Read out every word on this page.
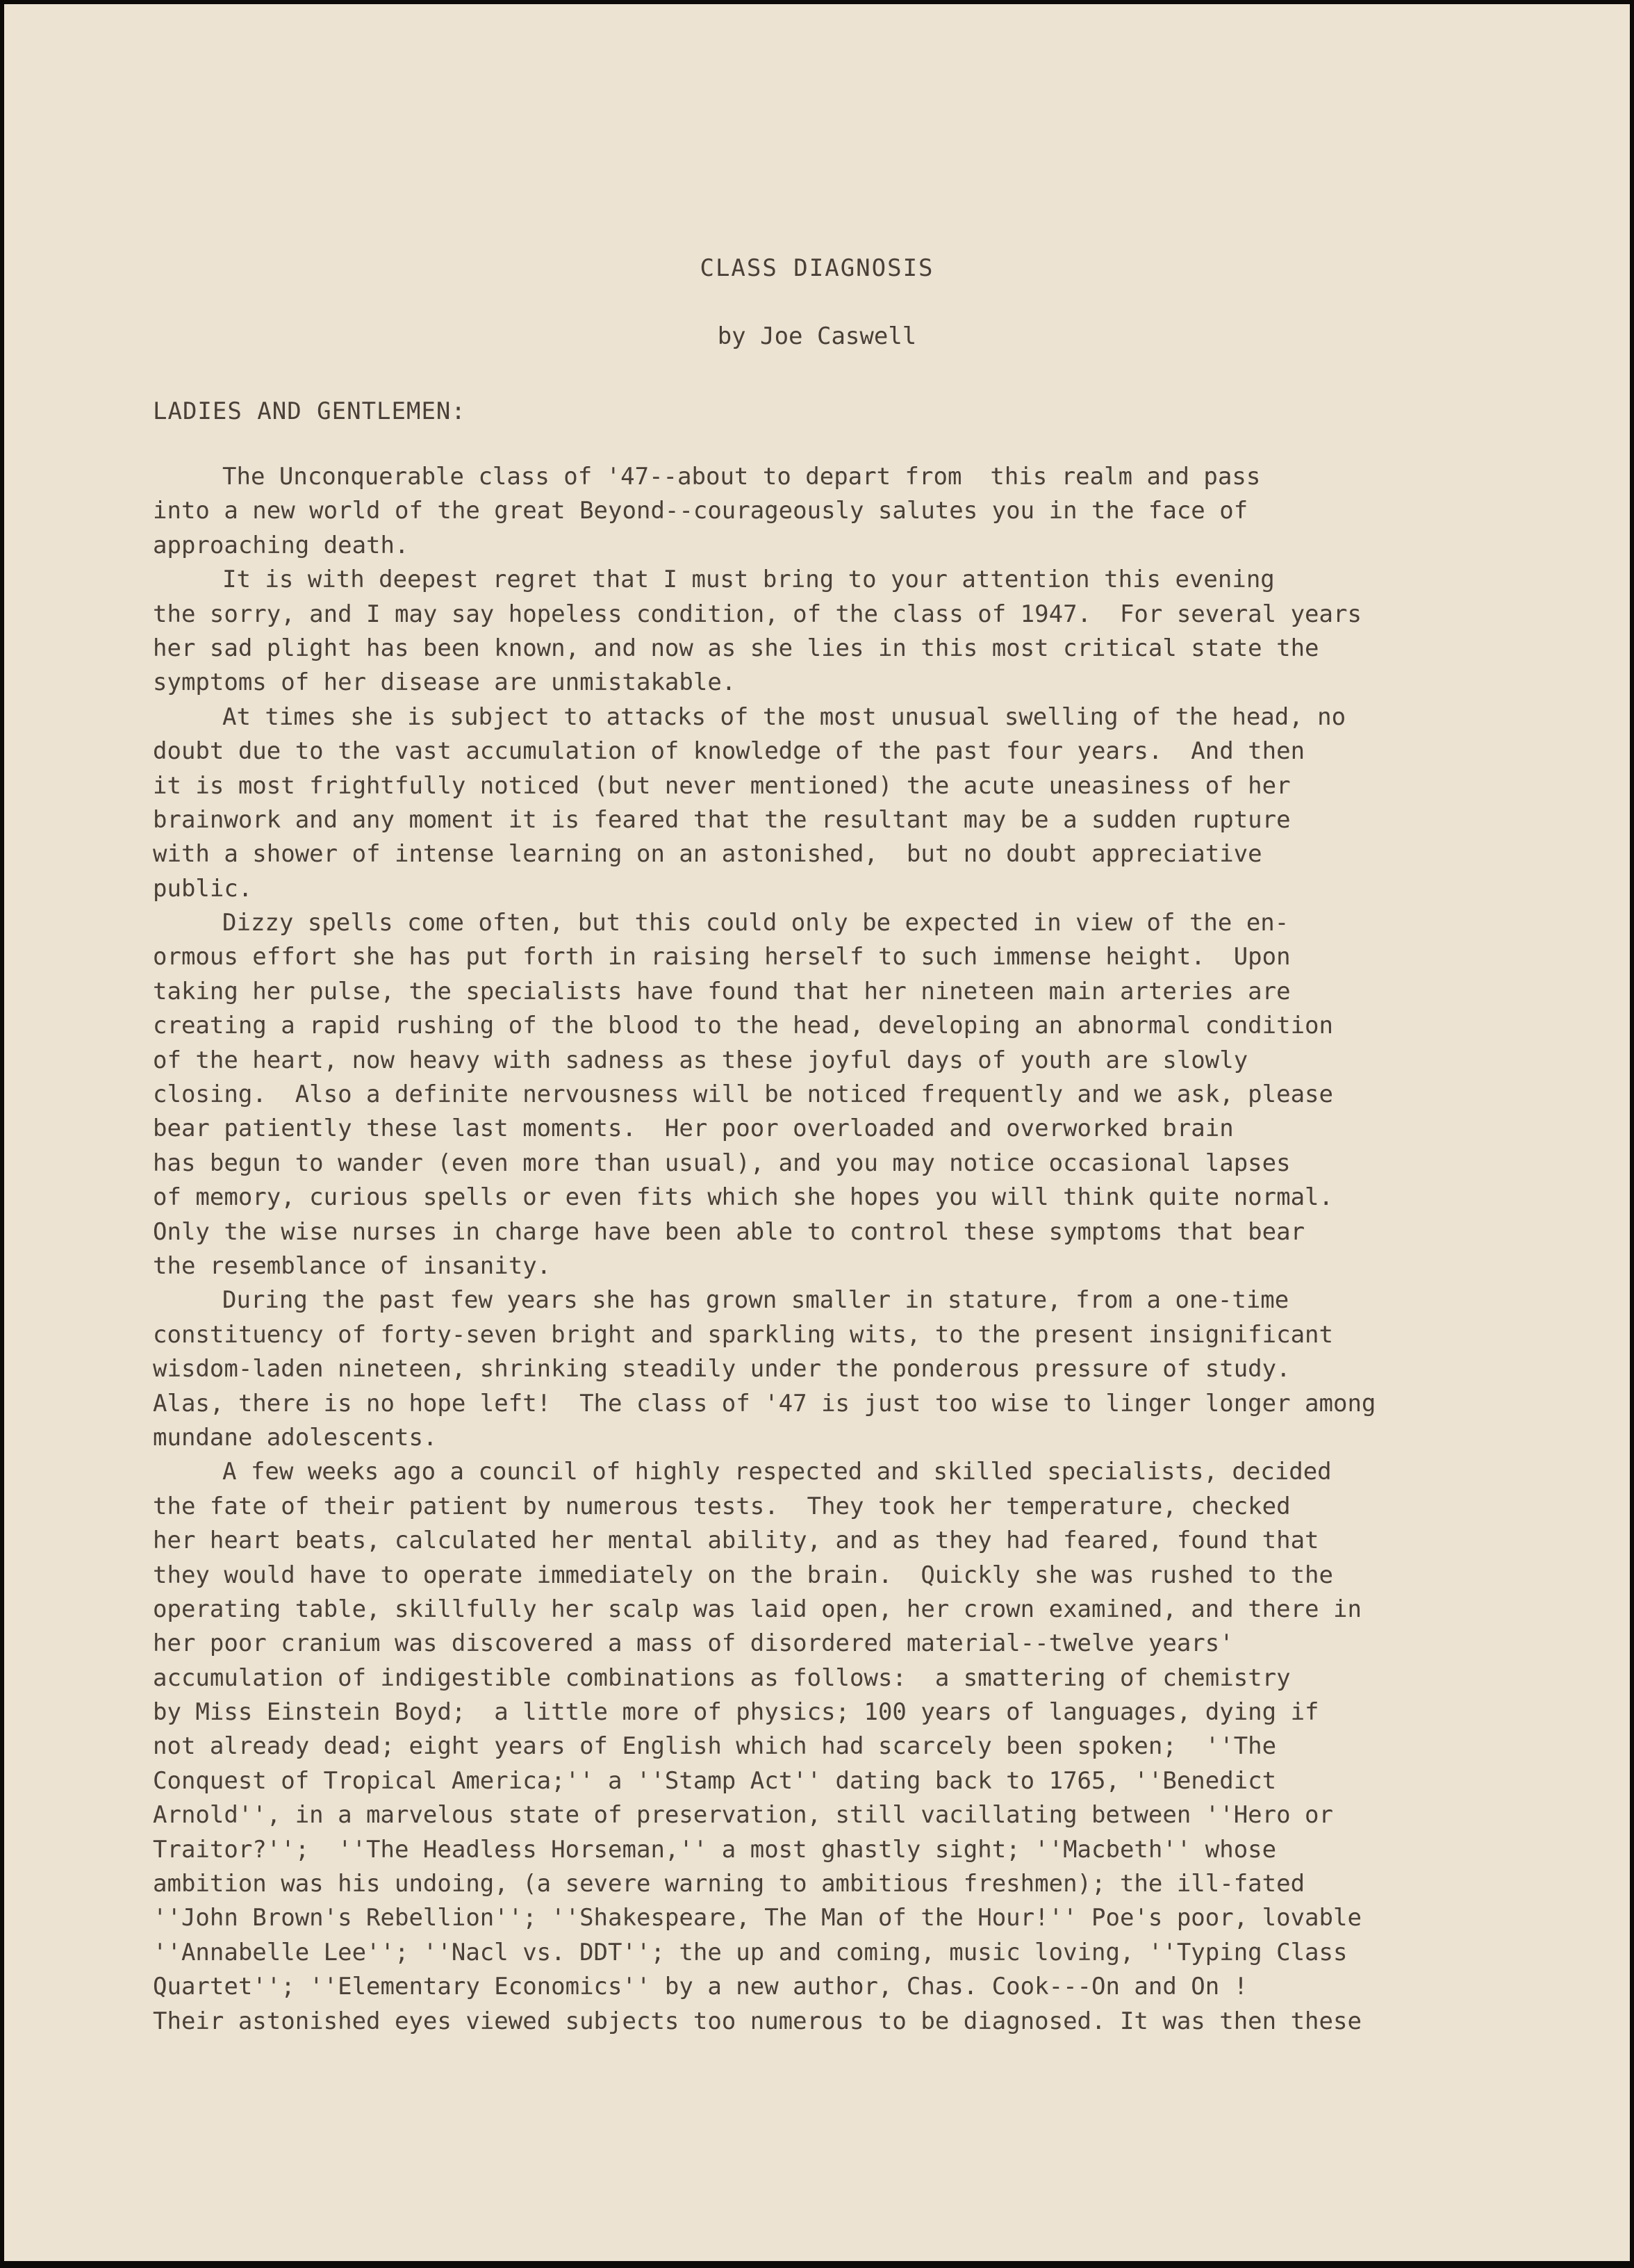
CLASS DIAGNOSIS
by Joe Caswell
LADIES AND GENTLEMEN:
The Unconquerable class of '47--about to depart from  this realm and pass
into a new world of the great Beyond--courageously salutes you in the face of
approaching death.
It is with deepest regret that I must bring to your attention this evening
the sorry, and I may say hopeless condition, of the class of 1947.  For several years
her sad plight has been known, and now as she lies in this most critical state the
symptoms of her disease are unmistakable.
At times she is subject to attacks of the most unusual swelling of the head, no
doubt due to the vast accumulation of knowledge of the past four years.  And then
it is most frightfully noticed (but never mentioned) the acute uneasiness of her
brainwork and any moment it is feared that the resultant may be a sudden rupture
with a shower of intense learning on an astonished,  but no doubt appreciative
public.
Dizzy spells come often, but this could only be expected in view of the en-
ormous effort she has put forth in raising herself to such immense height.  Upon
taking her pulse, the specialists have found that her nineteen main arteries are
creating a rapid rushing of the blood to the head, developing an abnormal condition
of the heart, now heavy with sadness as these joyful days of youth are slowly
closing.  Also a definite nervousness will be noticed frequently and we ask, please
bear patiently these last moments.  Her poor overloaded and overworked brain
has begun to wander (even more than usual), and you may notice occasional lapses
of memory, curious spells or even fits which she hopes you will think quite normal.
Only the wise nurses in charge have been able to control these symptoms that bear
the resemblance of insanity.
During the past few years she has grown smaller in stature, from a one-time
constituency of forty-seven bright and sparkling wits, to the present insignificant
wisdom-laden nineteen, shrinking steadily under the ponderous pressure of study.
Alas, there is no hope left!  The class of '47 is just too wise to linger longer among
mundane adolescents.
A few weeks ago a council of highly respected and skilled specialists, decided
the fate of their patient by numerous tests.  They took her temperature, checked
her heart beats, calculated her mental ability, and as they had feared, found that
they would have to operate immediately on the brain.  Quickly she was rushed to the
operating table, skillfully her scalp was laid open, her crown examined, and there in
her poor cranium was discovered a mass of disordered material--twelve years'
accumulation of indigestible combinations as follows:  a smattering of chemistry
by Miss Einstein Boyd;  a little more of physics; 100 years of languages, dying if
not already dead; eight years of English which had scarcely been spoken;  ''The
Conquest of Tropical America;'' a ''Stamp Act'' dating back to 1765, ''Benedict
Arnold'', in a marvelous state of preservation, still vacillating between ''Hero or
Traitor?'';  ''The Headless Horseman,'' a most ghastly sight; ''Macbeth'' whose
ambition was his undoing, (a severe warning to ambitious freshmen); the ill-fated
''John Brown's Rebellion''; ''Shakespeare, The Man of the Hour!'' Poe's poor, lovable
''Annabelle Lee''; ''Nacl vs. DDT''; the up and coming, music loving, ''Typing Class
Quartet''; ''Elementary Economics'' by a new author, Chas. Cook---On and On !
Their astonished eyes viewed subjects too numerous to be diagnosed. It was then these
